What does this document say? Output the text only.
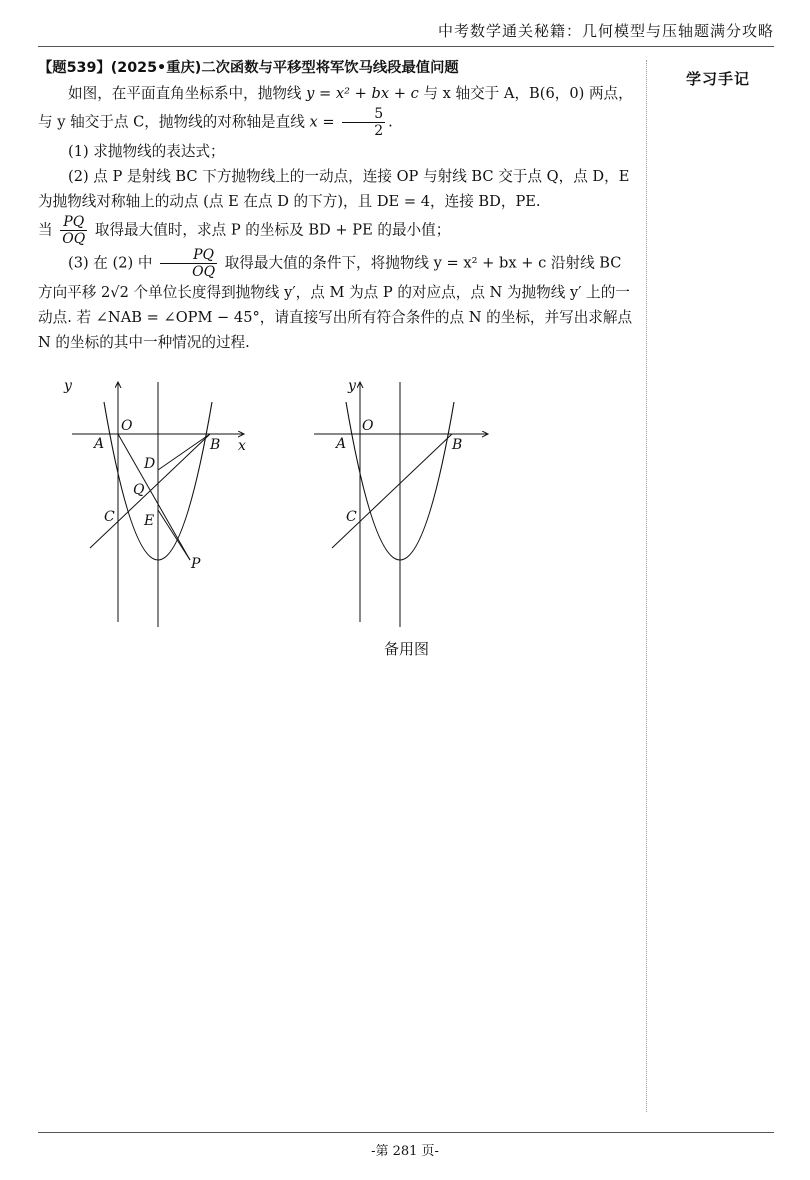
中考数学通关秘籍：几何模型与压轴题满分攻略
学习手记

【题539】(2025•重庆)二次函数与平移型将军饮马线段最值问题

如图，在平面直角坐标系中，抛物线 y = x² + bx + c 与 x 轴交于 A，B(6，0) 两点，与 y 轴交于点 C，抛物线的对称轴是直线 $x = \frac{5}{2}$ .

(1) 求抛物线的表达式；

(2) 点 P 是射线 BC 下方抛物线上的一动点，连接 OP 与射线 BC 交于点 Q，点 D，E 为抛物线对称轴上的动点 (点 E 在点 D 的下方)，且 DE = 4，连接 BD，PE.

当 $\frac{PQ}{OQ}$ 取得最大值时，求点 P 的坐标及 BD + PE 的最小值；

(3) 在 (2) 中 $\frac{PQ}{OQ}$ 取得最大值的条件下，将抛物线 y = x² + bx + c 沿射线 BC 方向平移 2√2 个单位长度得到抛物线 y′，点 M 为点 P 的对应点，点 N 为抛物线 y′ 上的一动点. 若 ∠NAB = ∠OPM − 45°，请直接写出所有符合条件的点 N 的坐标，并写出求解点 N 的坐标的其中一种情况的过程.

y
x
O
A	B
C
D
Q
E
P
y
O
A	B
C
备用图
-第 281 页-
